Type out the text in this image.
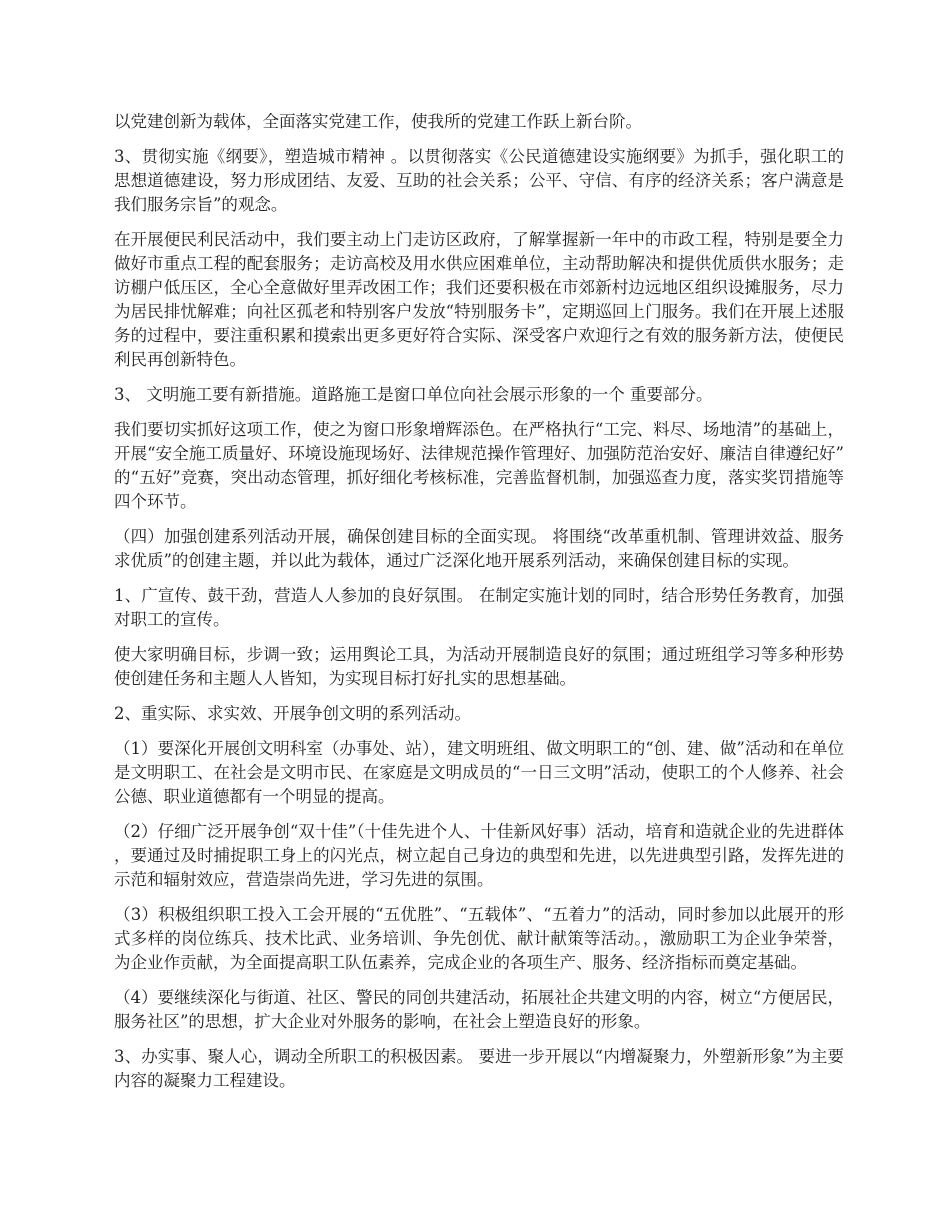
以党建创新为载体，全面落实党建工作，使我所的党建工作跃上新台阶。

3、贯彻实施《纲要》，塑造城市精神 。以贯彻落实《公民道德建设实施纲要》为抓手，强化职工的思想道德建设，努力形成团结、友爱、互助的社会关系；公平、守信、有序的经济关系；客户满意是我们服务宗旨”的观念。

在开展便民利民活动中，我们要主动上门走访区政府，了解掌握新一年中的市政工程，特别是要全力做好市重点工程的配套服务；走访高校及用水供应困难单位，主动帮助解决和提供优质供水服务；走访棚户低压区，全心全意做好里弄改困工作；我们还要积极在市郊新村边远地区组织设摊服务，尽力为居民排忧解难；向社区孤老和特别客户发放“特别服务卡”，定期巡回上门服务。我们在开展上述服务的过程中，要注重积累和摸索出更多更好符合实际、深受客户欢迎行之有效的服务新方法，使便民利民再创新特色。

3、 文明施工要有新措施。道路施工是窗口单位向社会展示形象的一个 重要部分。

我们要切实抓好这项工作，使之为窗口形象增辉添色。在严格执行“工完、料尽、场地清”的基础上，开展“安全施工质量好、环境设施现场好、法律规范操作管理好、加强防范治安好、廉洁自律遵纪好”的“五好”竞赛，突出动态管理，抓好细化考核标准，完善监督机制，加强巡查力度，落实奖罚措施等四个环节。

（四）加强创建系列活动开展，确保创建目标的全面实现。 将围绕“改革重机制、管理讲效益、服务求优质”的创建主题，并以此为载体，通过广泛深化地开展系列活动，来确保创建目标的实现。

1、广宣传、鼓干劲，营造人人参加的良好氛围。 在制定实施计划的同时，结合形势任务教育，加强对职工的宣传。

使大家明确目标，步调一致；运用舆论工具，为活动开展制造良好的氛围；通过班组学习等多种形势使创建任务和主题人人皆知，为实现目标打好扎实的思想基础。

2、重实际、求实效、开展争创文明的系列活动。

（1）要深化开展创文明科室（办事处、站），建文明班组、做文明职工的“创、建、做”活动和在单位是文明职工、在社会是文明市民、在家庭是文明成员的“一日三文明”活动，使职工的个人修养、社会公德、职业道德都有一个明显的提高。

（2）仔细广泛开展争创“双十佳”（十佳先进个人、十佳新风好事）活动，培育和造就企业的先进群体，要通过及时捕捉职工身上的闪光点，树立起自己身边的典型和先进，以先进典型引路，发挥先进的示范和辐射效应，营造崇尚先进，学习先进的氛围。

（3）积极组织职工投入工会开展的“五优胜”、“五载体”、“五着力”的活动，同时参加以此展开的形式多样的岗位练兵、技术比武、业务培训、争先创优、献计献策等活动。，激励职工为企业争荣誉，为企业作贡献，为全面提高职工队伍素养，完成企业的各项生产、服务、经济指标而奠定基础。

（4）要继续深化与街道、社区、警民的同创共建活动，拓展社企共建文明的内容，树立“方便居民，服务社区”的思想，扩大企业对外服务的影响，在社会上塑造良好的形象。

3、办实事、聚人心，调动全所职工的积极因素。 要进一步开展以“内增凝聚力，外塑新形象”为主要内容的凝聚力工程建设。
